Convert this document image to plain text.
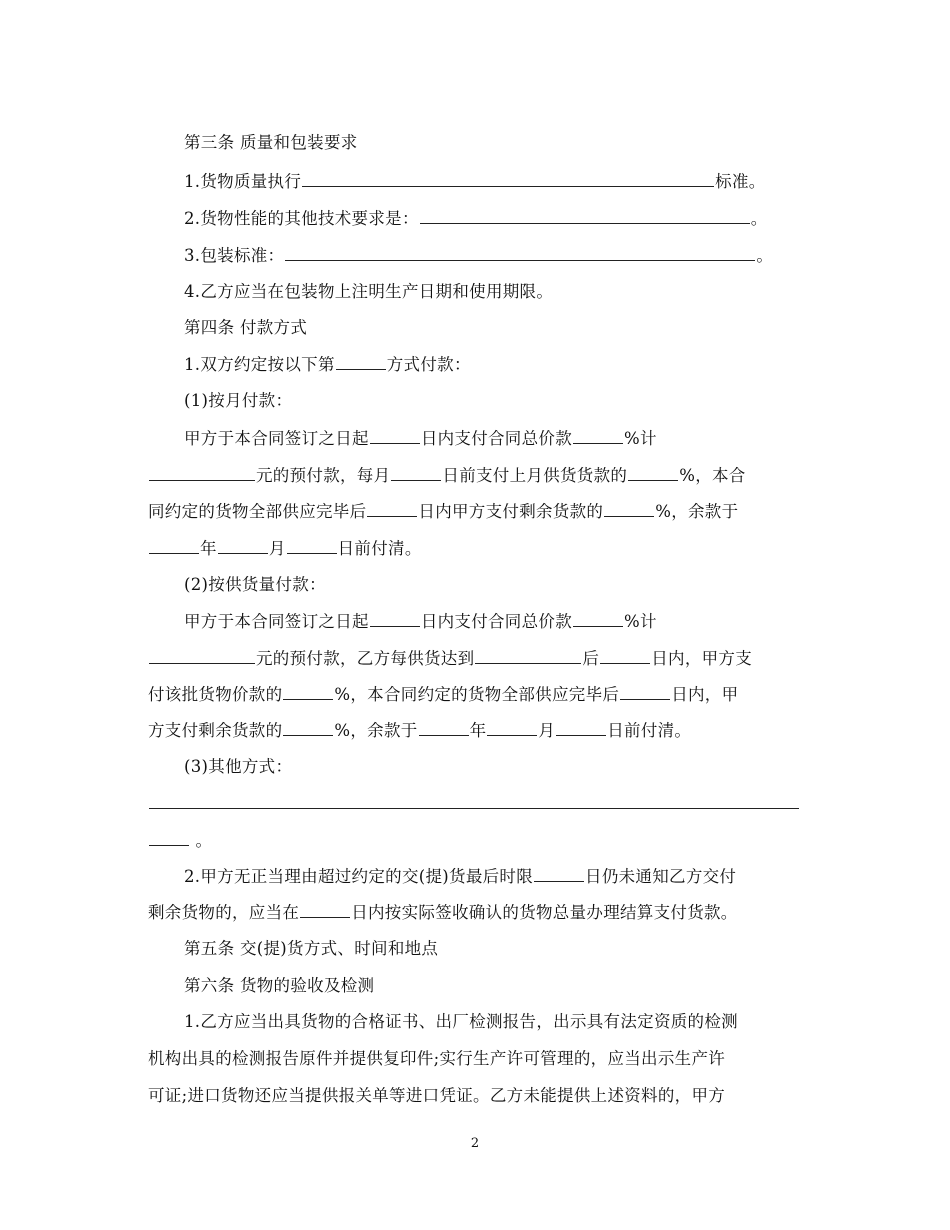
第三条 质量和包装要求
1.货物质量执行	标准。
2.货物性能的其他技术要求是：	。
3.包装标准：	。
4.乙方应当在包装物上注明生产日期和使用期限。
第四条 付款方式
1.双方约定按以下第	方式付款：
(1)按月付款：
甲方于本合同签订之日起	日内支付合同总价款	%计
元的预付款，每月	日前支付上月供货货款的	%，本合
同约定的货物全部供应完毕后	日内甲方支付剩余货款的	%，余款于
年	月	日前付清。
(2)按供货量付款：
甲方于本合同签订之日起	日内支付合同总价款	%计
元的预付款，乙方每供货达到	后	日内，甲方支
付该批货物价款的	%，本合同约定的货物全部供应完毕后	日内，甲
方支付剩余货款的	%，余款于	年	月	日前付清。
(3)其他方式：
。
2.甲方无正当理由超过约定的交(提)货最后时限	日仍未通知乙方交付
剩余货物的，应当在	日内按实际签收确认的货物总量办理结算支付货款。
第五条 交(提)货方式、时间和地点
第六条 货物的验收及检测
1.乙方应当出具货物的合格证书、出厂检测报告，出示具有法定资质的检测
机构出具的检测报告原件并提供复印件;实行生产许可管理的，应当出示生产许
可证;进口货物还应当提供报关单等进口凭证。乙方未能提供上述资料的，甲方
2
